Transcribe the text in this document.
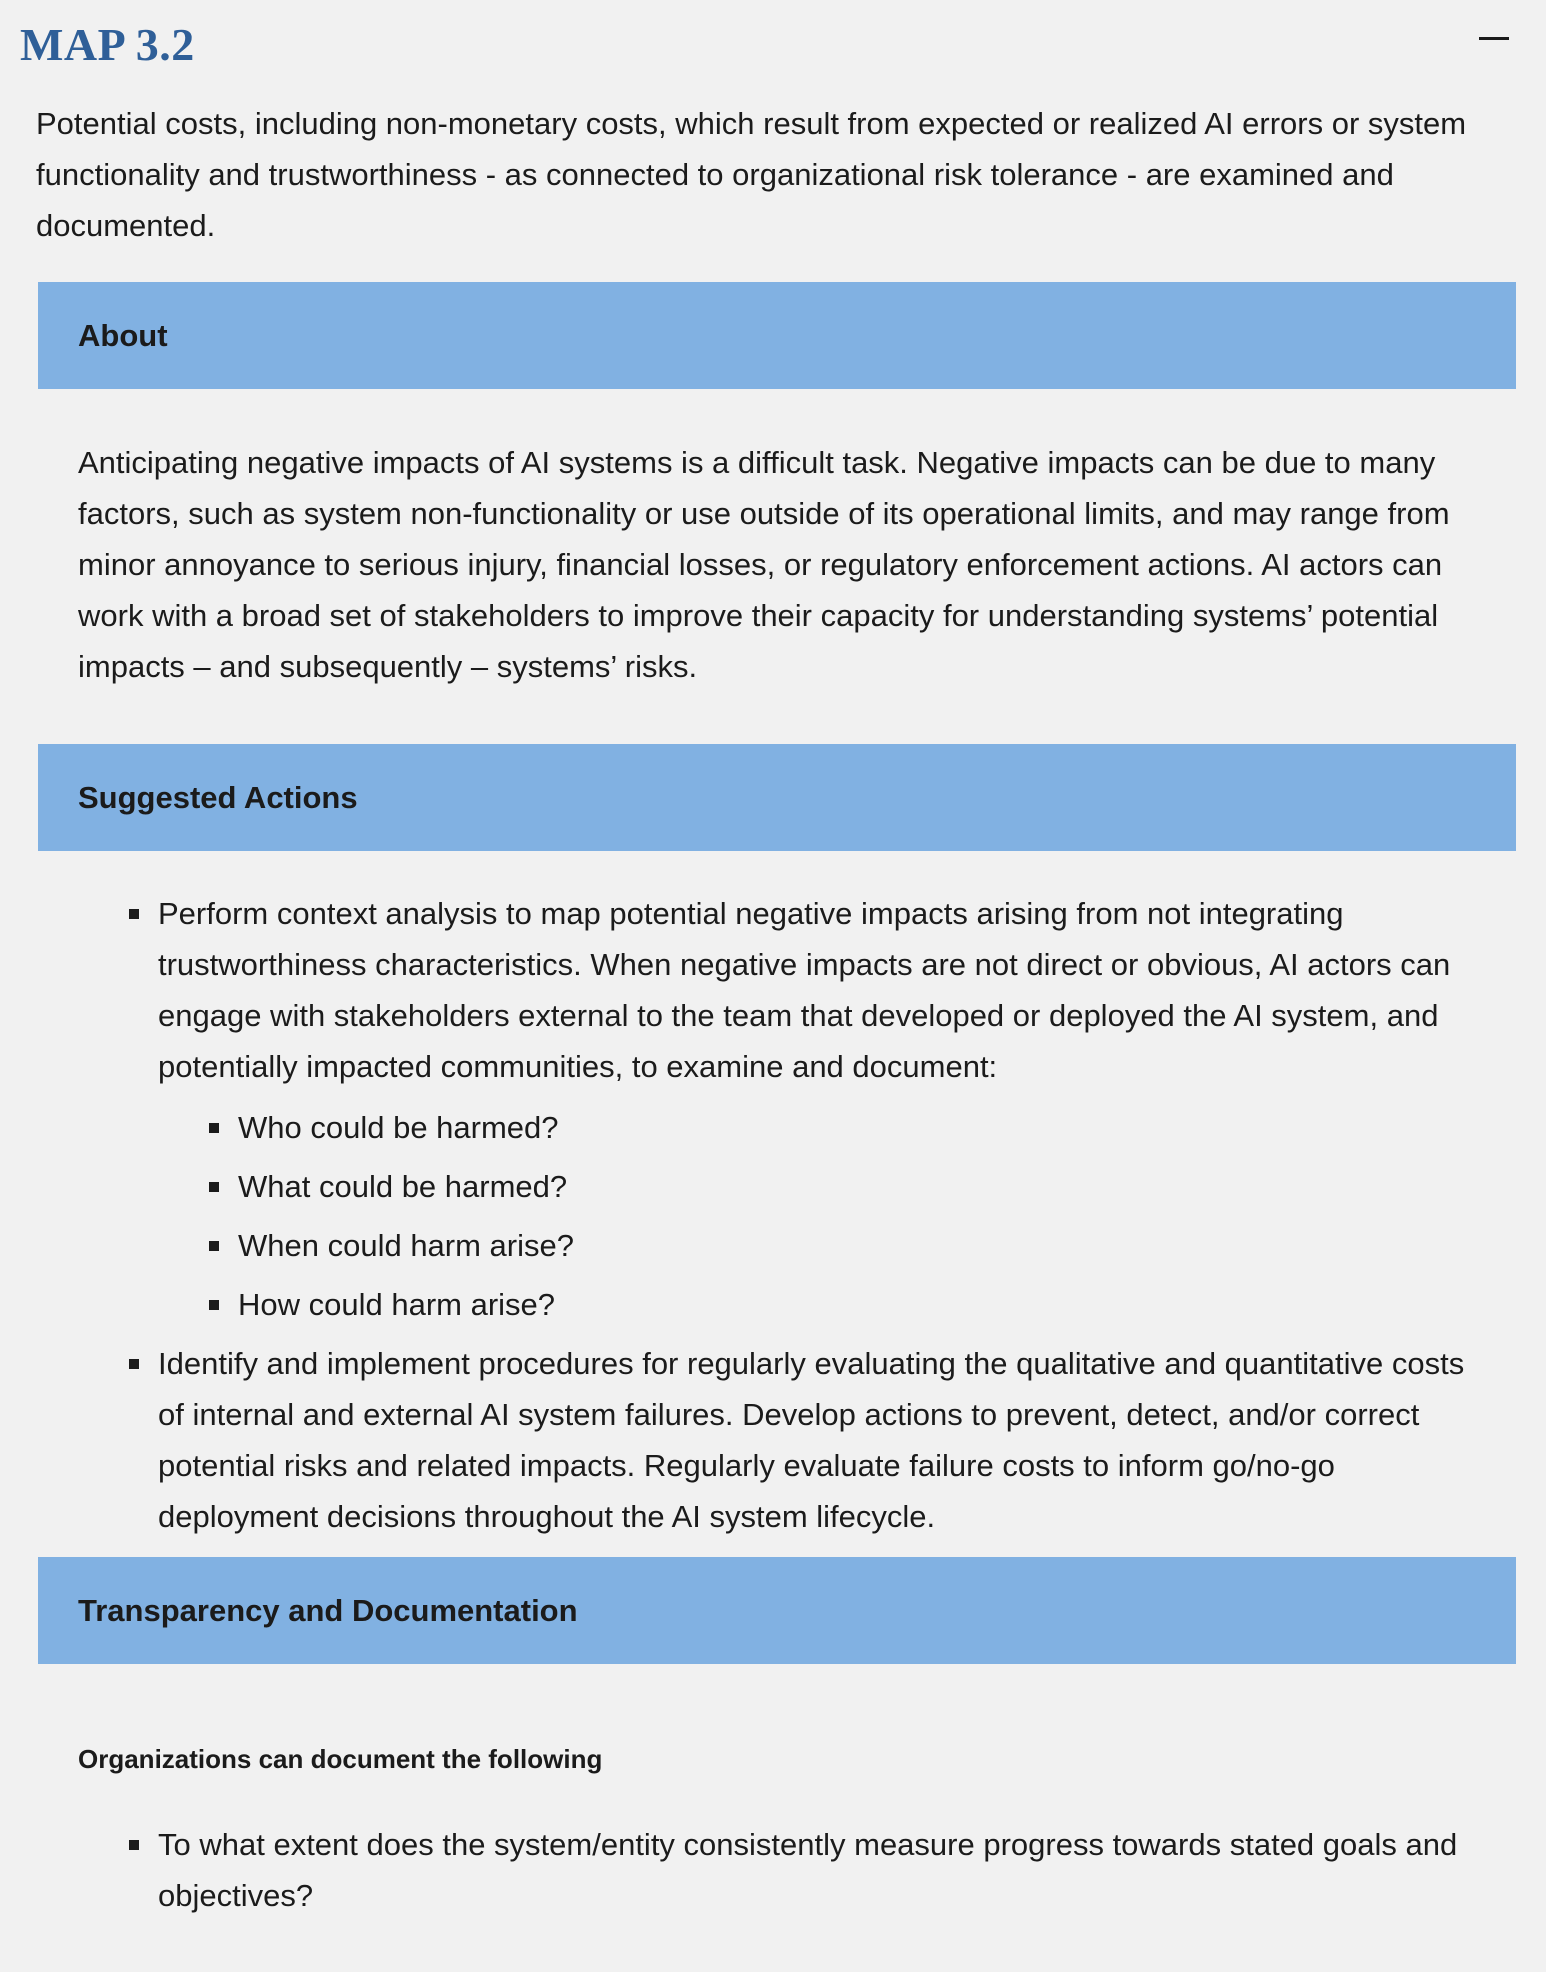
MAP 3.2

Potential costs, including non-monetary costs, which result from expected or realized AI errors or system functionality and trustworthiness - as connected to organizational risk tolerance - are examined and documented.

About

Anticipating negative impacts of AI systems is a difficult task. Negative impacts can be due to many factors, such as system non-functionality or use outside of its operational limits, and may range from minor annoyance to serious injury, financial losses, or regulatory enforcement actions. AI actors can work with a broad set of stakeholders to improve their capacity for understanding systems’ potential impacts – and subsequently – systems’ risks.

Suggested Actions
Perform context analysis to map potential negative impacts arising from not integrating trustworthiness characteristics. When negative impacts are not direct or obvious, AI actors can engage with stakeholders external to the team that developed or deployed the AI system, and potentially impacted communities, to examine and document:
Who could be harmed?
What could be harmed?
When could harm arise?
How could harm arise?
Identify and implement procedures for regularly evaluating the qualitative and quantitative costs of internal and external AI system failures. Develop actions to prevent, detect, and/or correct potential risks and related impacts. Regularly evaluate failure costs to inform go/no-go deployment decisions throughout the AI system lifecycle.
Transparency and Documentation

Organizations can document the following

To what extent does the system/entity consistently measure progress towards stated goals and objectives?
